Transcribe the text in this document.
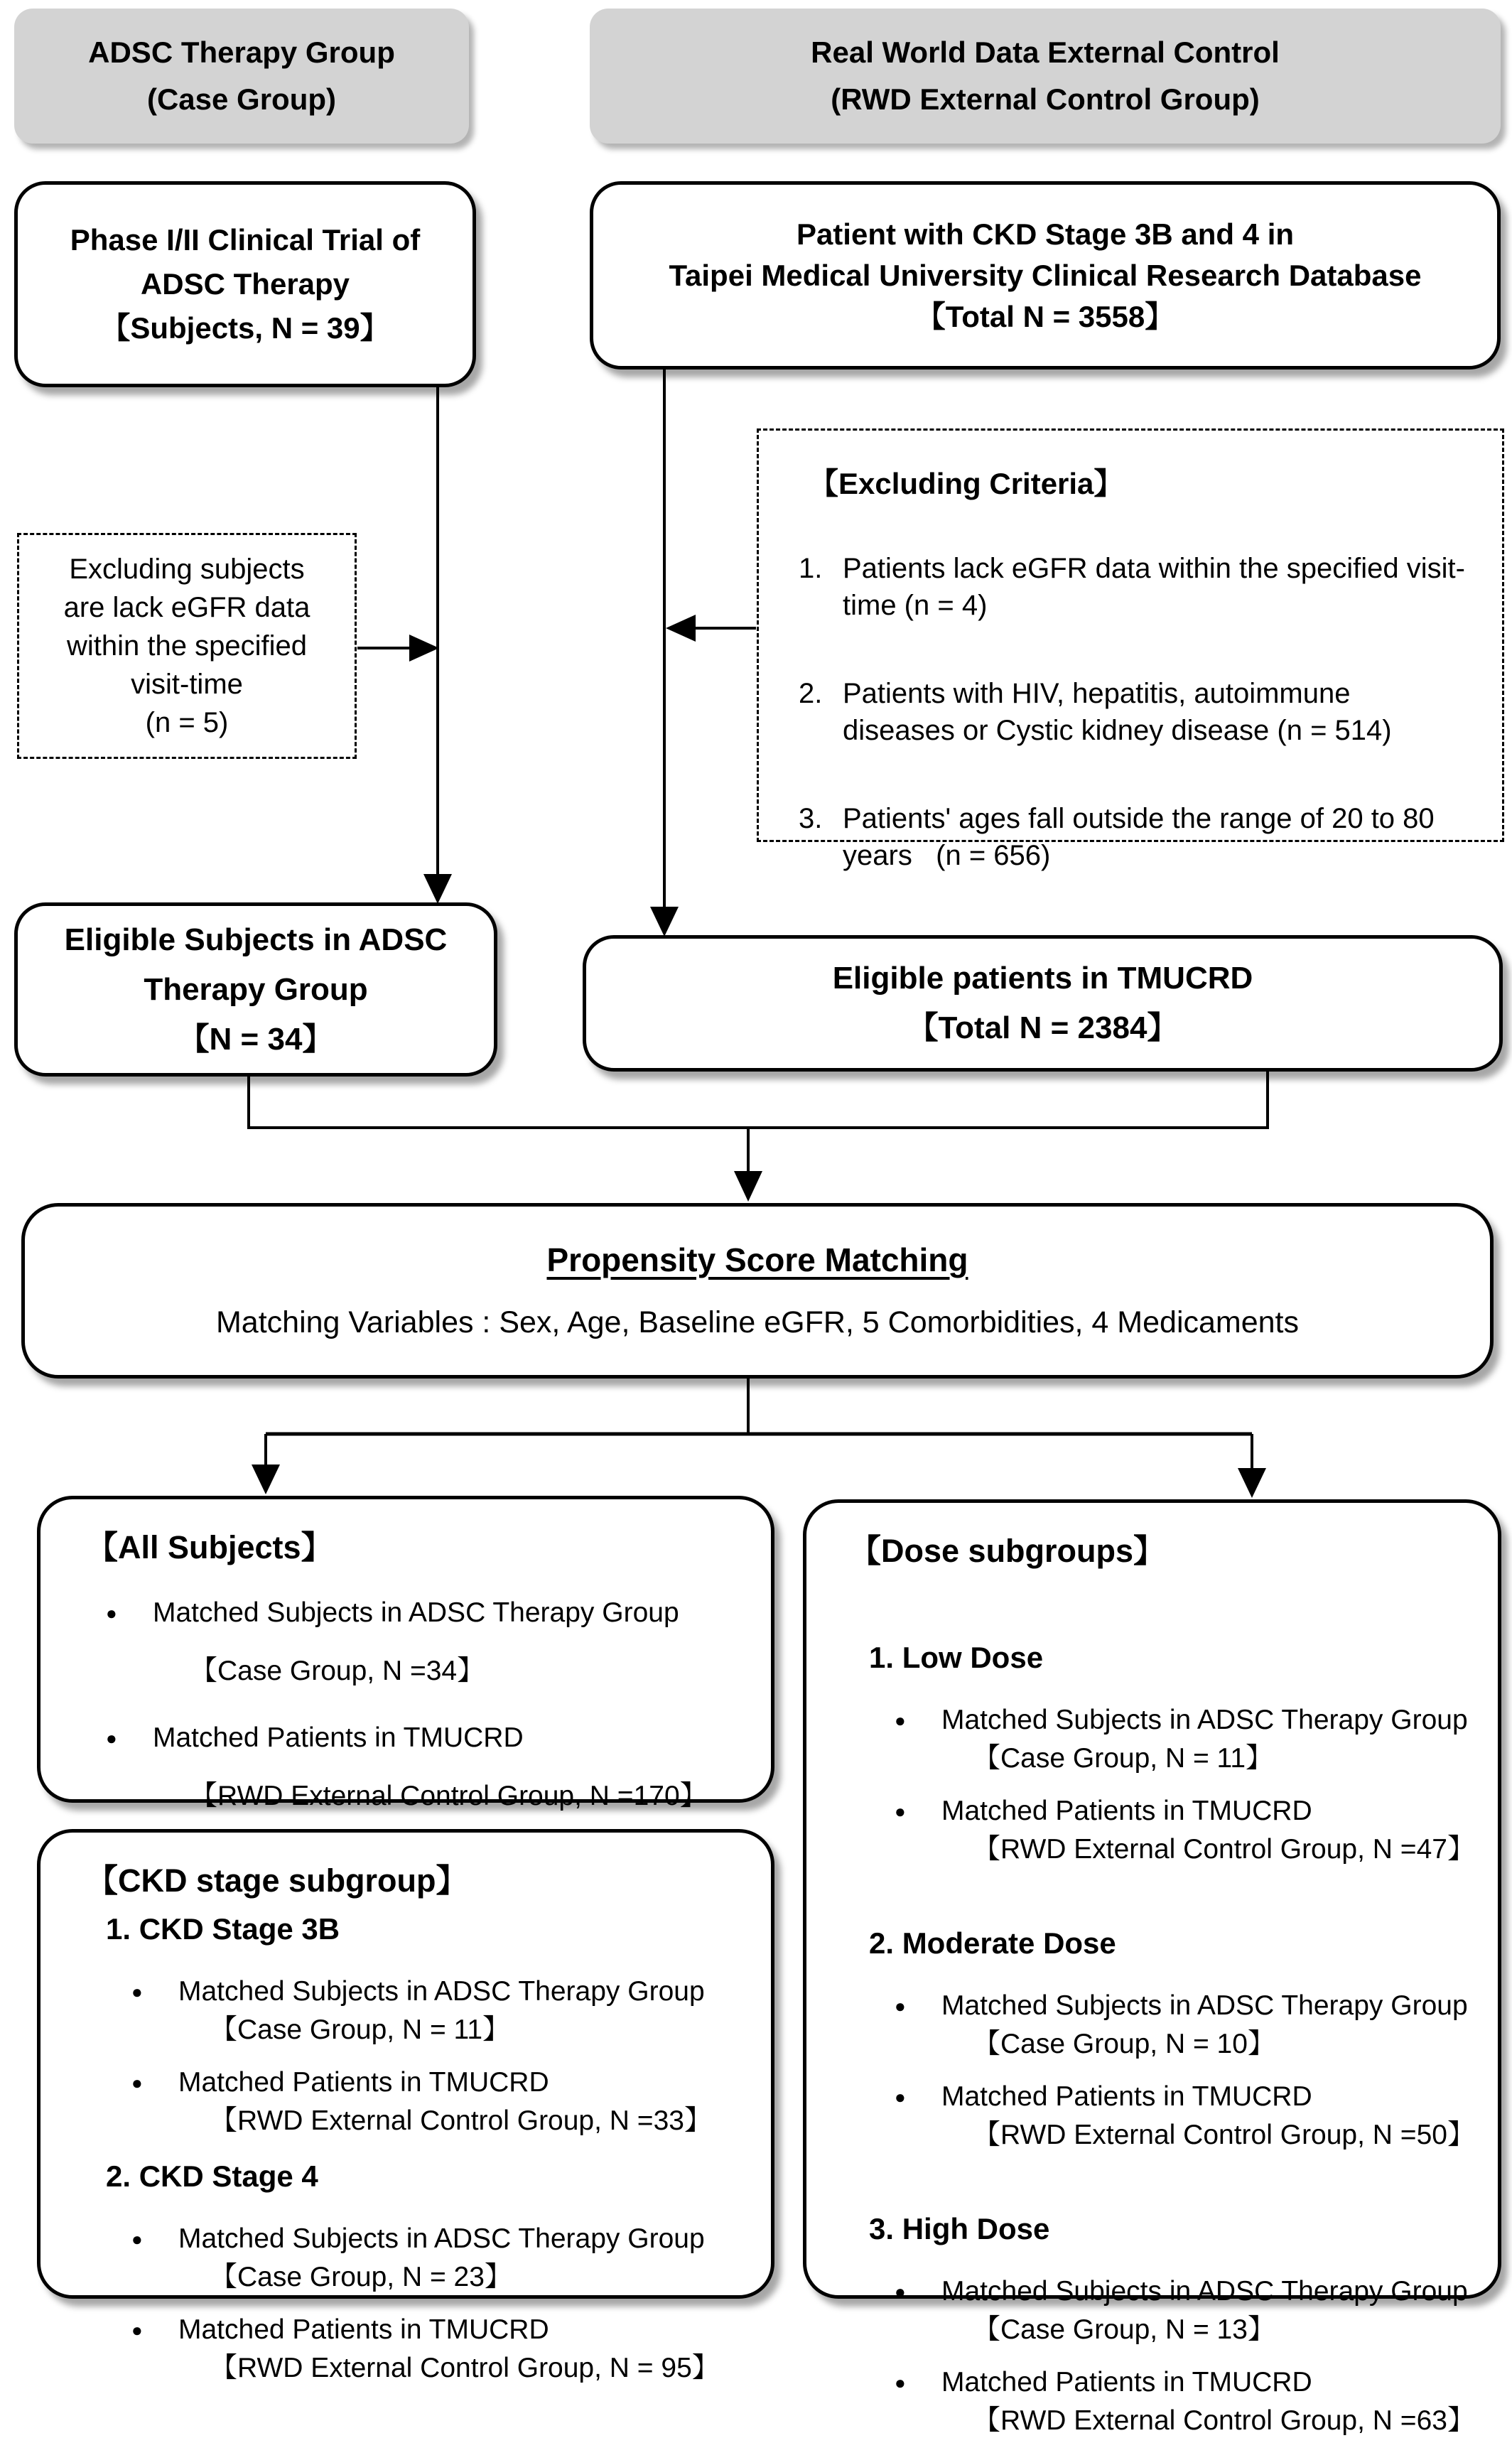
ADSC Therapy Group
(Case Group)
Real World Data External Control
(RWD External Control Group)
Phase I/II Clinical Trial of
ADSC Therapy
【Subjects, N = 39】
Patient with CKD Stage 3B and 4 in
Taipei Medical University Clinical Research Database
【Total N = 3558】
Excluding subjects
are lack eGFR data
within the specified
visit-time
(n = 5)
【Excluding Criteria】
1. Patients lack eGFR data within the specified visit-
time (n = 4)
2. Patients with HIV, hepatitis, autoimmune
diseases or Cystic kidney disease (n = 514)
3. Patients' ages fall outside the range of 20 to 80
years   (n = 656)
Eligible Subjects in ADSC
Therapy Group
【N = 34】
Eligible patients in TMUCRD
【Total N = 2384】
Propensity Score Matching
Matching Variables : Sex, Age, Baseline eGFR, 5 Comorbidities, 4 Medicaments
【All Subjects】
●	Matched Subjects in ADSC Therapy Group
【Case Group, N =34】
●	Matched Patients in TMUCRD
【RWD External Control Group, N =170】
【CKD stage subgroup】
1. CKD Stage 3B
●	Matched Subjects in ADSC Therapy Group
【Case Group, N = 11】
●	Matched Patients in TMUCRD
【RWD External Control Group, N =33】
2. CKD Stage 4
●	Matched Subjects in ADSC Therapy Group
【Case Group, N = 23】
●	Matched Patients in TMUCRD
【RWD External Control Group, N = 95】
【Dose subgroups】
1. Low Dose
●	Matched Subjects in ADSC Therapy Group
【Case Group, N = 11】
●	Matched Patients in TMUCRD
【RWD External Control Group, N =47】
2. Moderate Dose
●	Matched Subjects in ADSC Therapy Group
【Case Group, N = 10】
●	Matched Patients in TMUCRD
【RWD External Control Group, N =50】
3. High Dose
●	Matched Subjects in ADSC Therapy Group
【Case Group, N = 13】
●	Matched Patients in TMUCRD
【RWD External Control Group, N =63】
